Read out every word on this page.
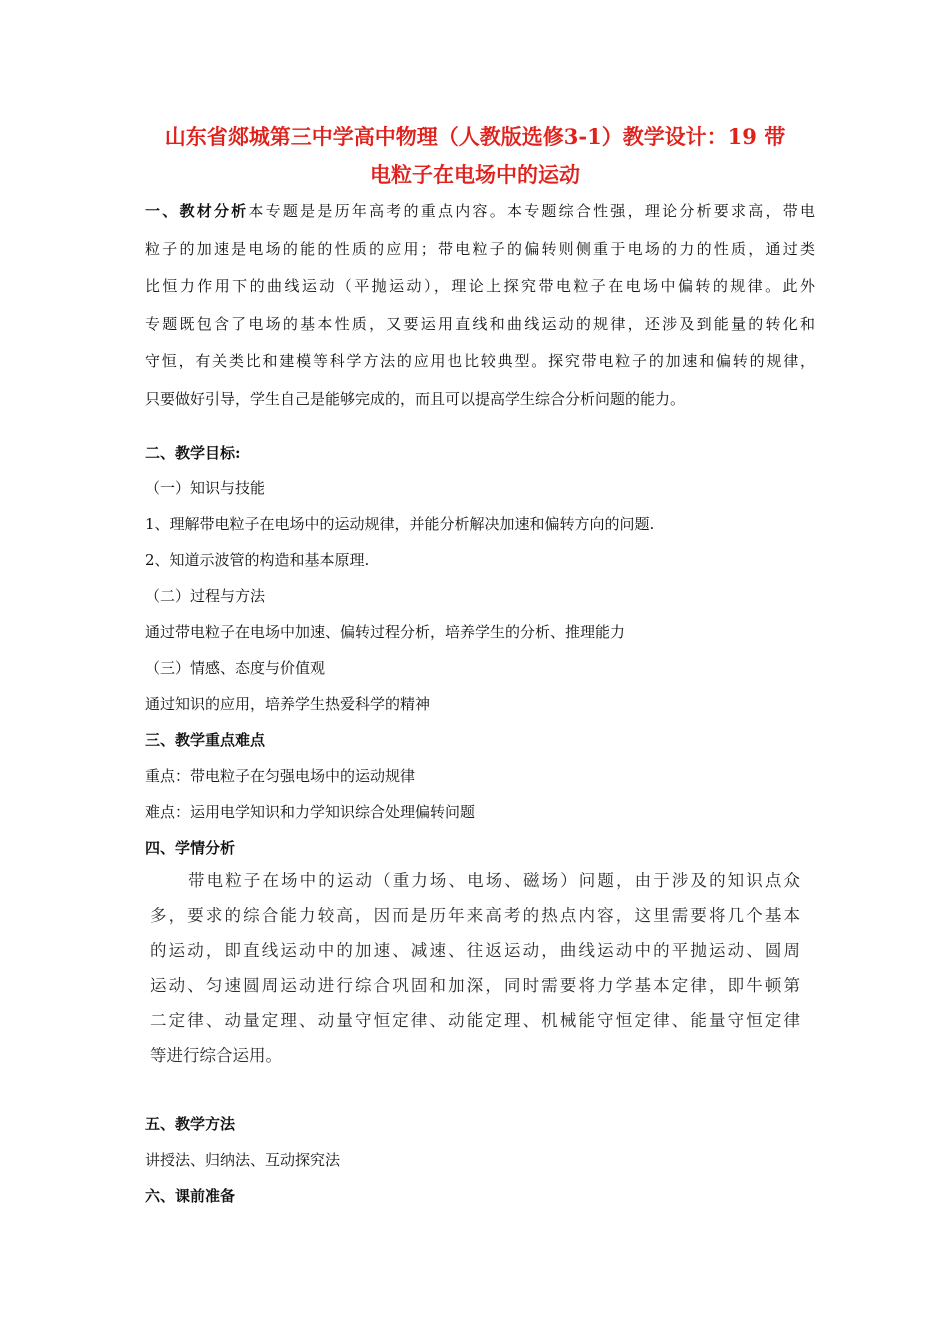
山东省郯城第三中学高中物理（人教版选修3-1）教学设计：19 带

电粒子在电场中的运动

一、教材分析本专题是是历年高考的重点内容。本专题综合性强，理论分析要求高，带电
粒子的加速是电场的能的性质的应用；带电粒子的偏转则侧重于电场的力的性质，通过类
比恒力作用下的曲线运动（平抛运动），理论上探究带电粒子在电场中偏转的规律。此外
专题既包含了电场的基本性质，又要运用直线和曲线运动的规律，还涉及到能量的转化和
守恒，有关类比和建模等科学方法的应用也比较典型。探究带电粒子的加速和偏转的规律，
只要做好引导，学生自己是能够完成的，而且可以提高学生综合分析问题的能力。

二、教学目标:

（一）知识与技能

1、理解带电粒子在电场中的运动规律，并能分析解决加速和偏转方向的问题.

2、知道示波管的构造和基本原理.

（二）过程与方法

通过带电粒子在电场中加速、偏转过程分析，培养学生的分析、推理能力

（三）情感、态度与价值观

通过知识的应用，培养学生热爱科学的精神

三、教学重点难点

重点：带电粒子在匀强电场中的运动规律

难点：运用电学知识和力学知识综合处理偏转问题

四、学情分析

带电粒子在场中的运动（重力场、电场、磁场）问题，由于涉及的知识点众
多，要求的综合能力较高，因而是历年来高考的热点内容，这里需要将几个基本
的运动，即直线运动中的加速、减速、往返运动，曲线运动中的平抛运动、圆周
运动、匀速圆周运动进行综合巩固和加深，同时需要将力学基本定律，即牛顿第
二定律、动量定理、动量守恒定律、动能定理、机械能守恒定律、能量守恒定律
等进行综合运用。

五、教学方法

讲授法、归纳法、互动探究法

六、课前准备
